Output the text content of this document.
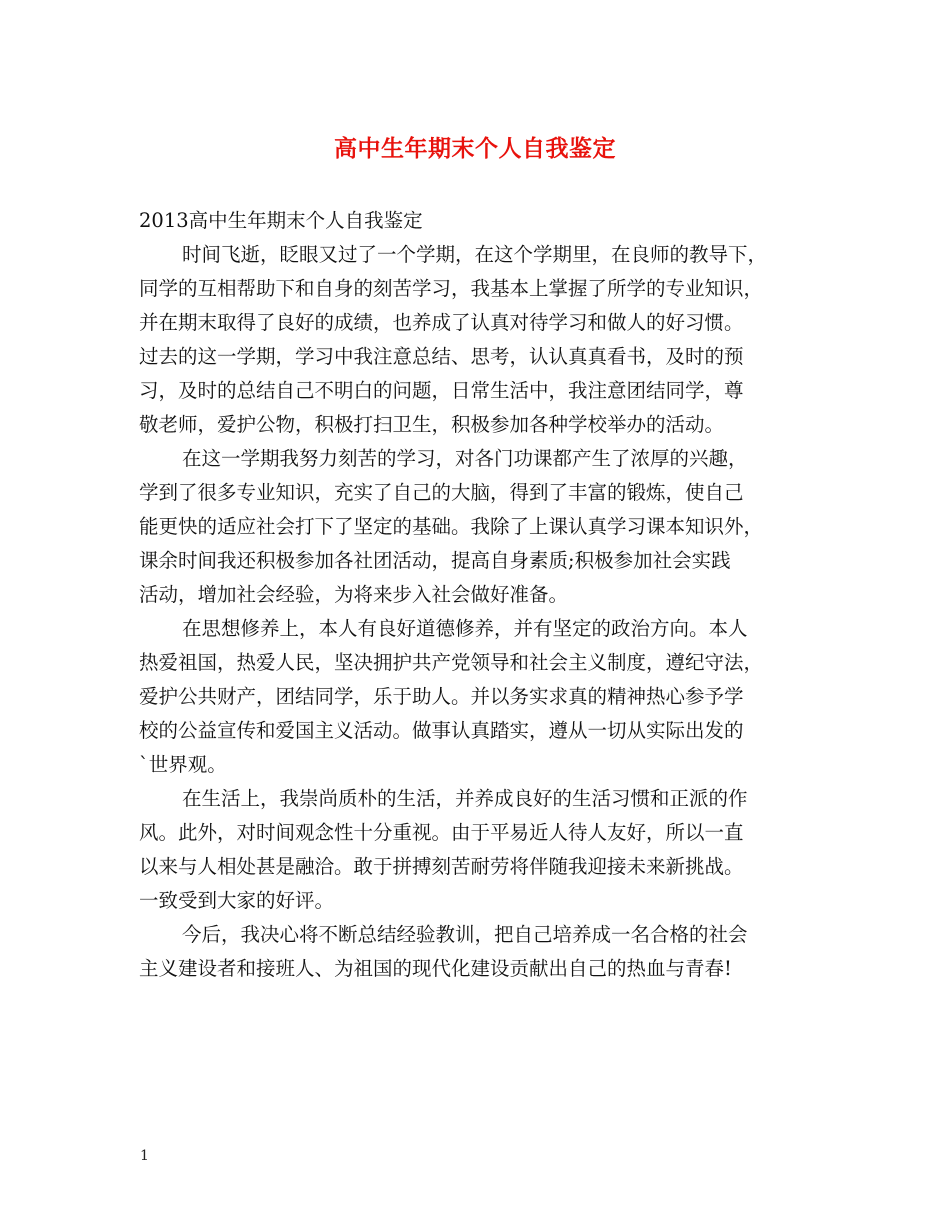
高中生年期末个人自我鉴定
2013高中生年期末个人自我鉴定
时间飞逝，眨眼又过了一个学期，在这个学期里，在良师的教导下，
同学的互相帮助下和自身的刻苦学习，我基本上掌握了所学的专业知识，
并在期末取得了良好的成绩，也养成了认真对待学习和做人的好习惯。
过去的这一学期，学习中我注意总结、思考，认认真真看书，及时的预
习，及时的总结自己不明白的问题，日常生活中，我注意团结同学，尊
敬老师，爱护公物，积极打扫卫生，积极参加各种学校举办的活动。
在这一学期我努力刻苦的学习，对各门功课都产生了浓厚的兴趣，
学到了很多专业知识，充实了自己的大脑，得到了丰富的锻炼，使自己
能更快的适应社会打下了坚定的基础。我除了上课认真学习课本知识外，
课余时间我还积极参加各社团活动，提高自身素质;积极参加社会实践
活动，增加社会经验，为将来步入社会做好准备。
在思想修养上，本人有良好道德修养，并有坚定的政治方向。本人
热爱祖国，热爱人民，坚决拥护共产党领导和社会主义制度，遵纪守法，
爱护公共财产，团结同学，乐于助人。并以务实求真的精神热心参予学
校的公益宣传和爱国主义活动。做事认真踏实，遵从一切从实际出发的
`世界观。
在生活上，我崇尚质朴的生活，并养成良好的生活习惯和正派的作
风。此外，对时间观念性十分重视。由于平易近人待人友好，所以一直
以来与人相处甚是融洽。敢于拼搏刻苦耐劳将伴随我迎接未来新挑战。
一致受到大家的好评。
今后，我决心将不断总结经验教训，把自己培养成一名合格的社会
主义建设者和接班人、为祖国的现代化建设贡献出自己的热血与青春!
1
